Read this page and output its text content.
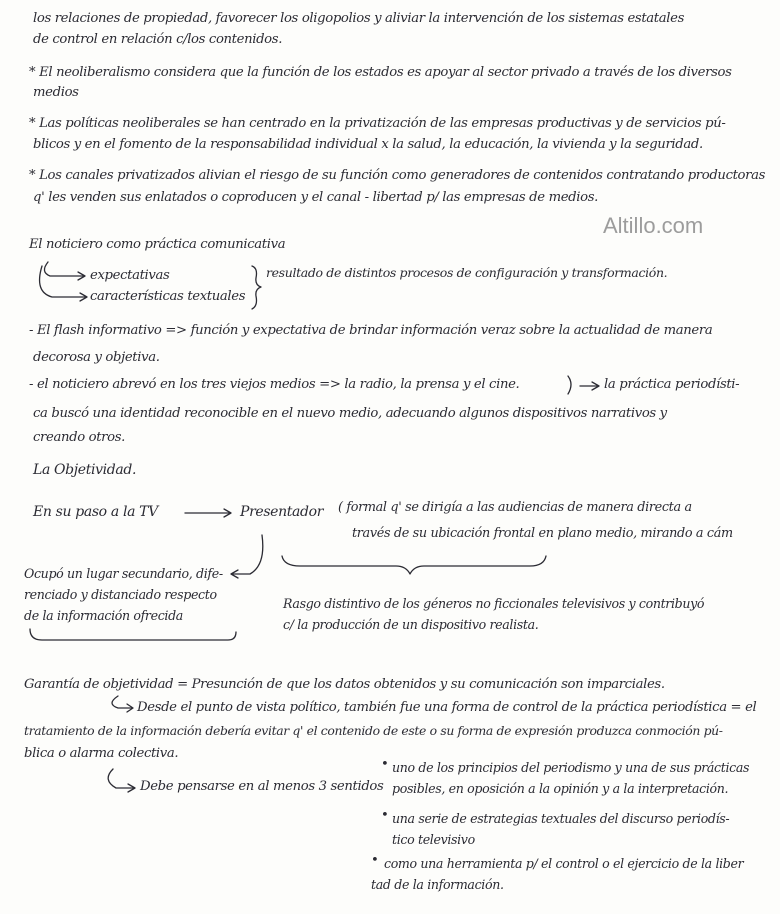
Altillo.com
los relaciones de propiedad, favorecer los oligopolios y aliviar la intervención de los sistemas estatales
de control en relación c/los contenidos.
* El neoliberalismo considera que la función de los estados es apoyar al sector privado a través de los diversos
medios
* Las políticas neoliberales se han centrado en la privatización de las empresas productivas y de servicios pú-
blicos y en el fomento de la responsabilidad individual x la salud, la educación, la vivienda y la seguridad.
* Los canales privatizados alivian el riesgo de su función como generadores de contenidos contratando productoras
q' les venden sus enlatados o coproducen y el canal - libertad p/ las empresas de medios.
El noticiero como práctica comunicativa
expectativas
características textuales
resultado de distintos procesos de configuración y transformación.
- El flash informativo => función y expectativa de brindar información veraz sobre la actualidad de manera
decorosa y objetiva.
- el noticiero abrevó en los tres viejos medios => la radio, la prensa y el cine.	la práctica periodísti-
ca buscó una identidad reconocible en el nuevo medio, adecuando algunos dispositivos narrativos y
creando otros.
La Objetividad.
En su paso a la TV	Presentador ( formal q' se dirigía a las audiencias de manera directa a
través de su ubicación frontal en plano medio, mirando a cám
Ocupó un lugar secundario, dife-
renciado y distanciado respecto
de la información ofrecida
Rasgo distintivo de los géneros no ficcionales televisivos y contribuyó
c/ la producción de un dispositivo realista.
Garantía de objetividad = Presunción de que los datos obtenidos y su comunicación son imparciales.
Desde el punto de vista político, también fue una forma de control de la práctica periodística = el
tratamiento de la información debería evitar q' el contenido de este o su forma de expresión produzca conmoción pú-
blica o alarma colectiva.
Debe pensarse en al menos 3 sentidos
• uno de los principios del periodismo y una de sus prácticas
posibles, en oposición a la opinión y a la interpretación.
• una serie de estrategias textuales del discurso periodís-
tico televisivo
• como una herramienta p/ el control o el ejercicio de la liber
tad de la información.
